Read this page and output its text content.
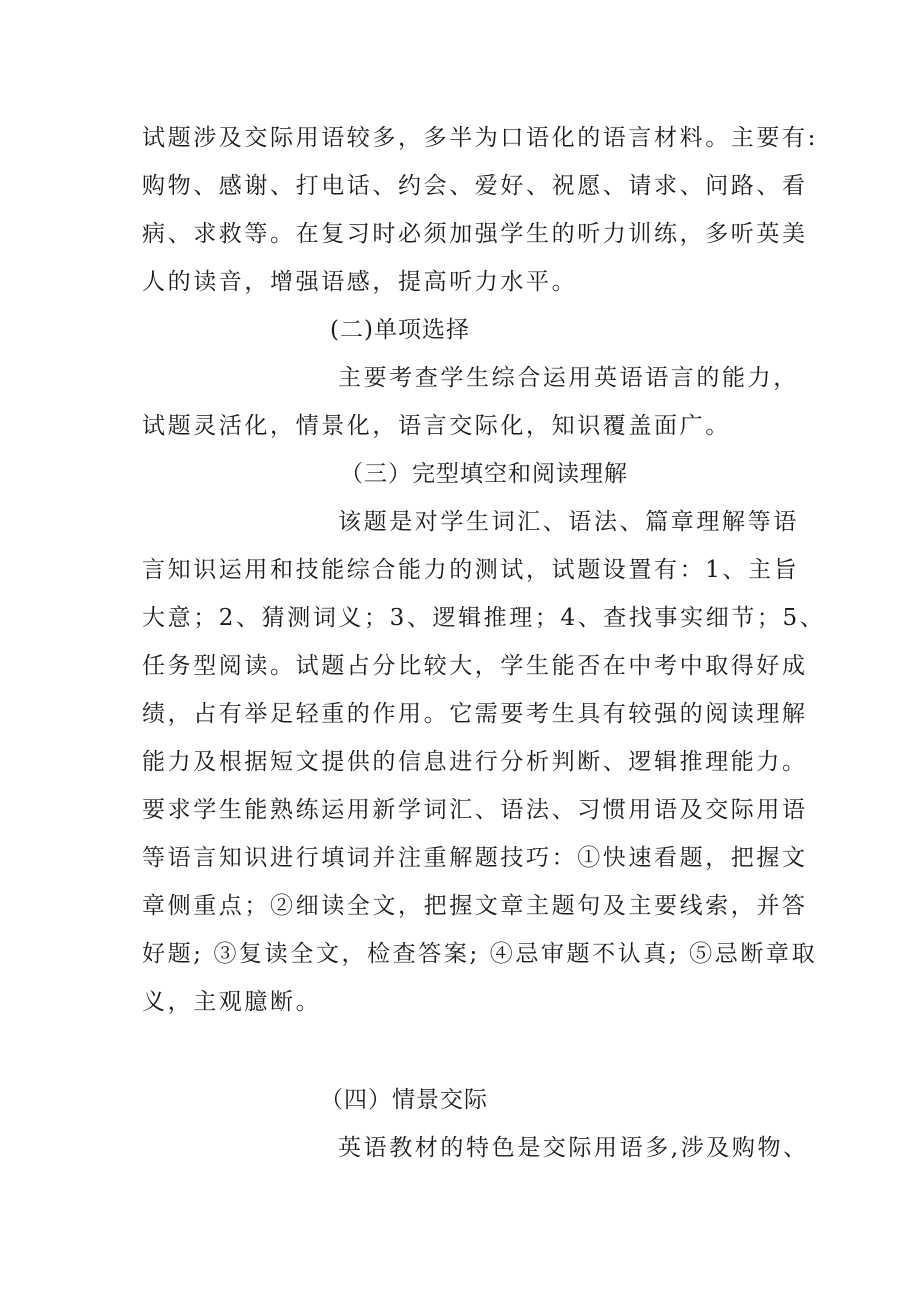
试题涉及交际用语较多，多半为口语化的语言材料。主要有:
购物、感谢、打电话、约会、爱好、祝愿、请求、问路、看
病、求救等。在复习时必须加强学生的听力训练，多听英美
人的读音，增强语感，提高听力水平。
(二)单项选择
主要考查学生综合运用英语语言的能力，
试题灵活化，情景化，语言交际化，知识覆盖面广。
（三）完型填空和阅读理解
该题是对学生词汇、语法、篇章理解等语
言知识运用和技能综合能力的测试，试题设置有：1、主旨
大意；2、猜测词义；3、逻辑推理；4、查找事实细节；5、
任务型阅读。试题占分比较大，学生能否在中考中取得好成
绩，占有举足轻重的作用。它需要考生具有较强的阅读理解
能力及根据短文提供的信息进行分析判断、逻辑推理能力。
要求学生能熟练运用新学词汇、语法、习惯用语及交际用语
等语言知识进行填词并注重解题技巧：①快速看题，把握文
章侧重点；②细读全文，把握文章主题句及主要线索，并答
好题; ③复读全文，检查答案; ④忌审题不认真; ⑤忌断章取
义，主观臆断。
（四）情景交际
英语教材的特色是交际用语多,涉及购物、
